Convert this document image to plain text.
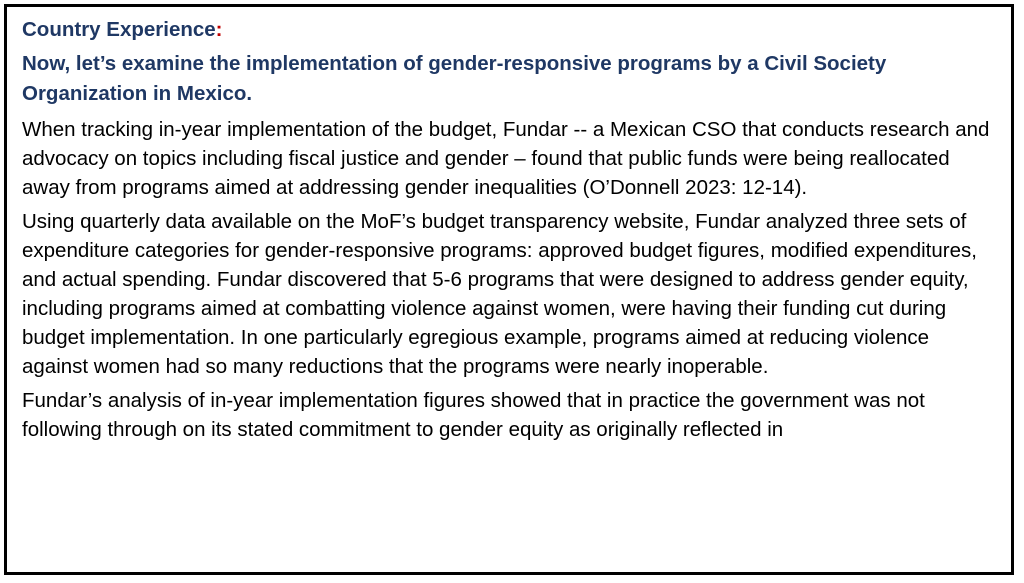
Country Experience:

Now, let’s examine the implementation of gender-responsive programs by a Civil Society Organization in Mexico.

When tracking in-year implementation of the budget, Fundar -- a Mexican CSO that conducts research and advocacy on topics including fiscal justice and gender – found that public funds were being reallocated away from programs aimed at addressing gender inequalities (O’Donnell 2023: 12-14).

Using quarterly data available on the MoF’s budget transparency website, Fundar analyzed three sets of expenditure categories for gender-responsive programs: approved budget figures, modified expenditures, and actual spending. Fundar discovered that 5-6 programs that were designed to address gender equity, including programs aimed at combatting violence against women, were having their funding cut during budget implementation. In one particularly egregious example, programs aimed at reducing violence against women had so many reductions that the programs were nearly inoperable.

Fundar’s analysis of in-year implementation figures showed that in practice the government was not following through on its stated commitment to gender equity as originally reflected in
